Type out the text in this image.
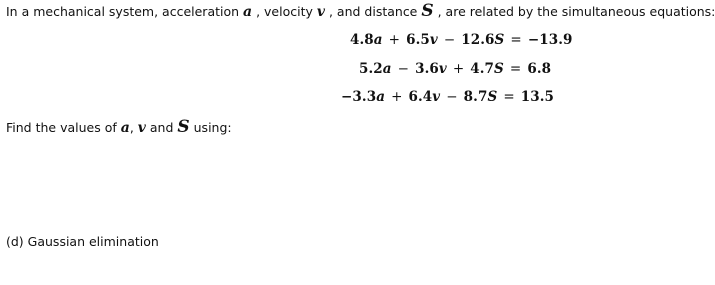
In a mechanical system, acceleration a , velocity v , and distance S , are related by the simultaneous equations:
4.8a + 6.5v − 12.6S = −13.9
5.2a − 3.6v + 4.7S = 6.8
−3.3a + 6.4v − 8.7S = 13.5
Find the values of a, v and S using:
(d) Gaussian elimination
